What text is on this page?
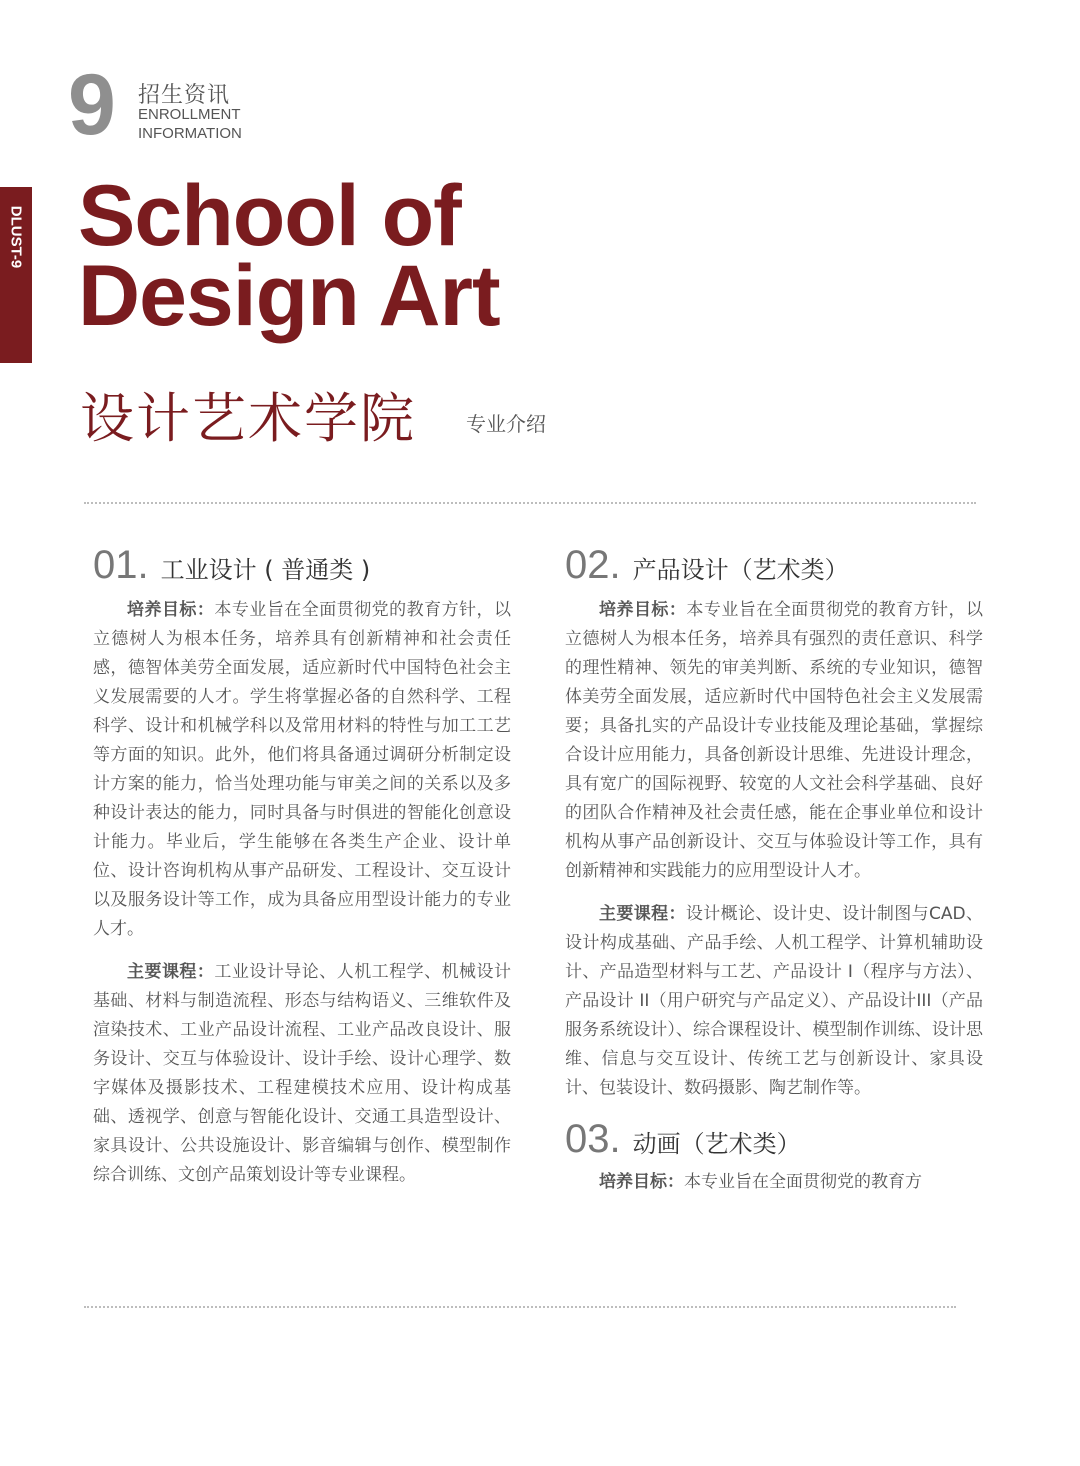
9 招生资讯
ENROLLMENT
INFORMATION
DLUST-9 School of
Design Art
设计艺术学院	专业介绍
01. 工业设计 ( 普通类 )

培养目标：本专业旨在全面贯彻党的教育方针，以立德树人为根本任务，培养具有创新精神和社会责任感，德智体美劳全面发展，适应新时代中国特色社会主义发展需要的人才。学生将掌握必备的自然科学、工程科学、设计和机械学科以及常用材料的特性与加工工艺等方面的知识。此外，他们将具备通过调研分析制定设计方案的能力，恰当处理功能与审美之间的关系以及多种设计表达的能力，同时具备与时俱进的智能化创意设计能力。毕业后，学生能够在各类生产企业、设计单位、设计咨询机构从事产品研发、工程设计、交互设计以及服务设计等工作，成为具备应用型设计能力的专业人才。

主要课程：工业设计导论、人机工程学、机械设计基础、材料与制造流程、形态与结构语义、三维软件及渲染技术、工业产品设计流程、工业产品改良设计、服务设计、交互与体验设计、设计手绘、设计心理学、数字媒体及摄影技术、工程建模技术应用、设计构成基础、透视学、创意与智能化设计、交通工具造型设计、家具设计、公共设施设计、影音编辑与创作、模型制作综合训练、文创产品策划设计等专业课程。

02. 产品设计（艺术类）

培养目标：本专业旨在全面贯彻党的教育方针，以立德树人为根本任务，培养具有强烈的责任意识、科学的理性精神、领先的审美判断、系统的专业知识，德智体美劳全面发展，适应新时代中国特色社会主义发展需要；具备扎实的产品设计专业技能及理论基础，掌握综合设计应用能力，具备创新设计思维、先进设计理念，具有宽广的国际视野、较宽的人文社会科学基础、良好的团队合作精神及社会责任感，能在企事业单位和设计机构从事产品创新设计、交互与体验设计等工作，具有创新精神和实践能力的应用型设计人才。

主要课程：设计概论、设计史、设计制图与CAD、设计构成基础、产品手绘、人机工程学、计算机辅助设计、产品造型材料与工艺、产品设计 I（程序与方法）、产品设计 II（用户研究与产品定义）、产品设计III（产品服务系统设计）、综合课程设计、模型制作训练、设计思维、信息与交互设计、传统工艺与创新设计、家具设计、包装设计、数码摄影、陶艺制作等。

03. 动画（艺术类）

培养目标：本专业旨在全面贯彻党的教育方
